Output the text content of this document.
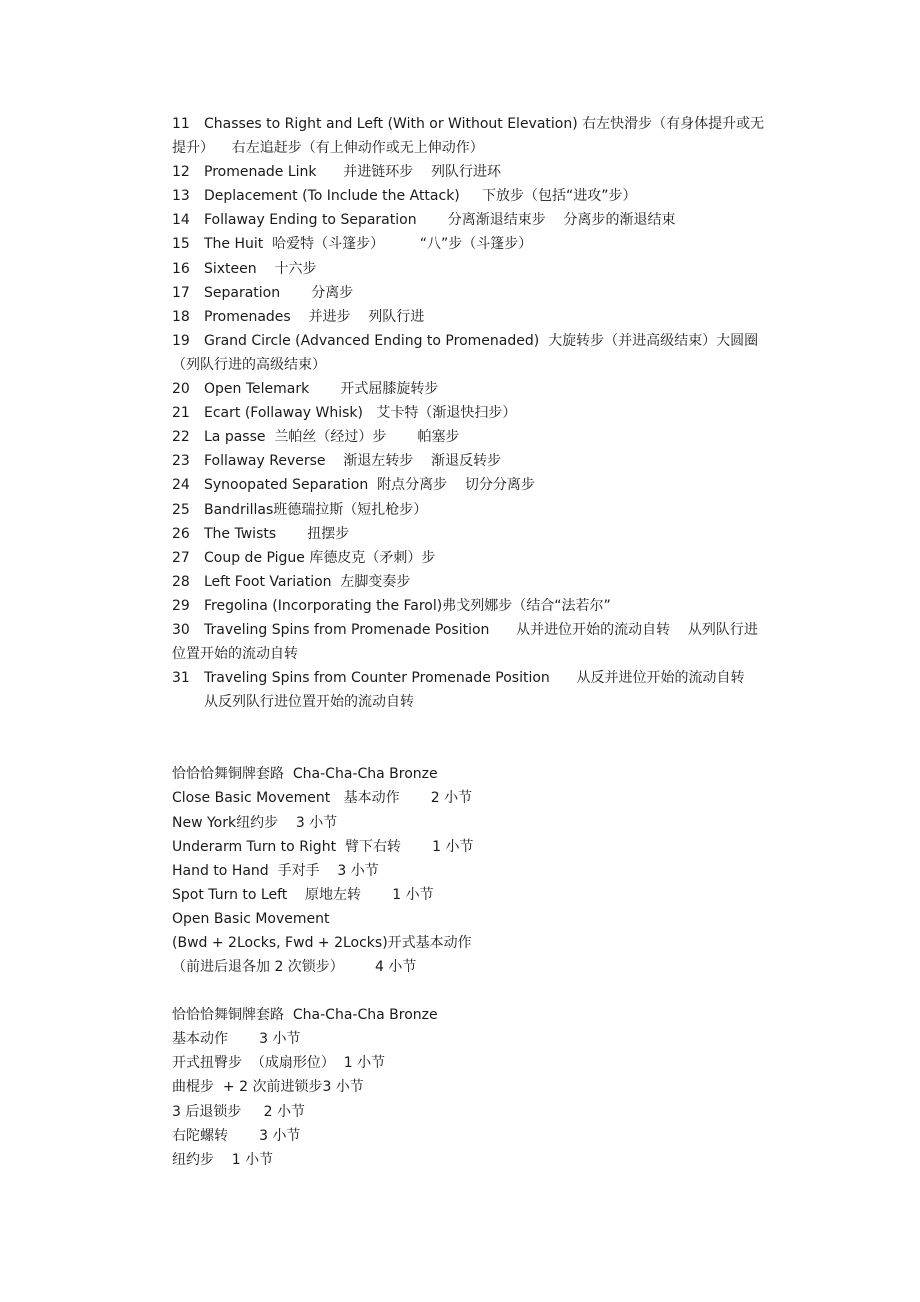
11 Chasses to Right and Left (With or Without Elevation) 右左快滑步（有身体提升或无
提升）    右左追赶步（有上伸动作或无上伸动作）
12 Promenade Link      并进链环步    列队行进环
13 Deplacement (To Include the Attack)     下放步（包括“进攻”步）
14 Follaway Ending to Separation       分离渐退结束步    分离步的渐退结束
15 The Huit  哈爱特（斗篷步）        “八”步（斗篷步）
16 Sixteen    十六步
17 Separation       分离步
18 Promenades    并进步    列队行进
19 Grand Circle (Advanced Ending to Promenaded)  大旋转步（并进高级结束）大圆圈
（列队行进的高级结束）
20 Open Telemark       开式屈膝旋转步
21 Ecart (Follaway Whisk)   艾卡特（渐退快扫步）
22 La passe  兰帕丝（经过）步       帕塞步
23 Follaway Reverse    渐退左转步    渐退反转步
24 Synoopated Separation  附点分离步    切分分离步
25 Bandrillas班德瑞拉斯（短扎枪步）
26 The Twists       扭摆步
27 Coup de Pigue 库德皮克（矛刺）步
28 Left Foot Variation  左脚变奏步
29 Fregolina (Incorporating the Farol)弗戈列娜步（结合“法若尔”
30 Traveling Spins from Promenade Position      从并进位开始的流动自转    从列队行进
位置开始的流动自转
31 Traveling Spins from Counter Promenade Position      从反并进位开始的流动自转
从反列队行进位置开始的流动自转
恰恰恰舞铜牌套路  Cha-Cha-Cha Bronze
Close Basic Movement   基本动作       2 小节
New York纽约步    3 小节
Underarm Turn to Right  臂下右转       1 小节
Hand to Hand  手对手    3 小节
Spot Turn to Left    原地左转       1 小节
Open Basic Movement
(Bwd + 2Locks, Fwd + 2Locks)开式基本动作
（前进后退各加 2 次锁步）       4 小节
恰恰恰舞铜牌套路  Cha-Cha-Cha Bronze
基本动作       3 小节
开式扭臀步  （成扇形位）  1 小节
曲棍步  + 2 次前进锁步3 小节
3 后退锁步     2 小节
右陀螺转       3 小节
纽约步    1 小节
